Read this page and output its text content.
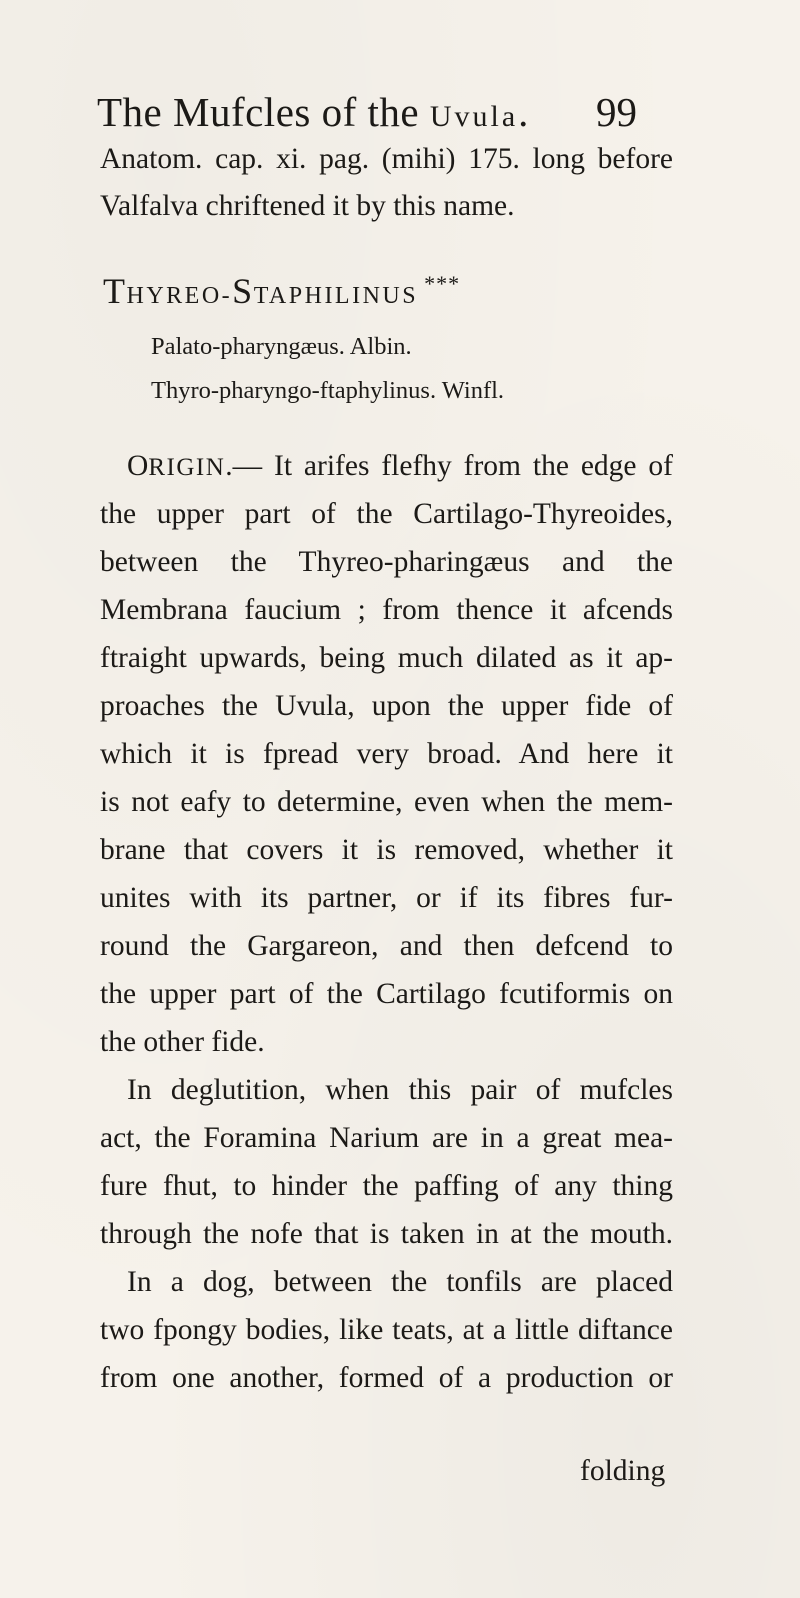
The Mufcles of the Uvula. 99
Anatom. cap. xi. pag. (mihi) 175. long before
Valfalva chriftened it by this name.
THYREO-STAPHILINUS ***
Palato-pharyngæus. Albin.
Thyro-pharyngo-ftaphylinus. Winfl.
ORIGIN.— It arifes flefhy from the edge of
the upper part of the Cartilago-Thyreoides,
between the Thyreo-pharingæus and the
Membrana faucium ; from thence it afcends
ftraight upwards, being much dilated as it ap-
proaches the Uvula, upon the upper fide of
which it is fpread very broad. And here it
is not eafy to determine, even when the mem-
brane that covers it is removed, whether it
unites with its partner, or if its fibres fur-
round the Gargareon, and then defcend to
the upper part of the Cartilago fcutiformis on
the other fide.
In deglutition, when this pair of mufcles
act, the Foramina Narium are in a great mea-
fure fhut, to hinder the paffing of any thing
through the nofe that is taken in at the mouth.
In a dog, between the tonfils are placed
two fpongy bodies, like teats, at a little diftance
from one another, formed of a production or
folding
